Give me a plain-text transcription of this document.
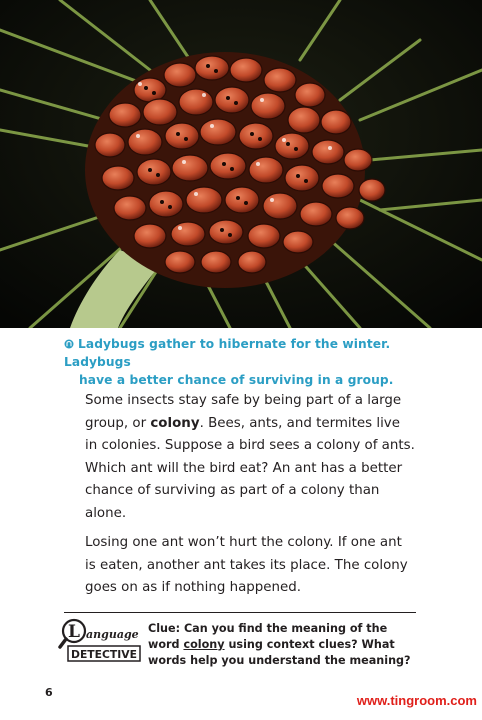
Ladybugs gather to hibernate for the winter. Ladybugs
have a better chance of surviving in a group.

Some insects stay safe by being part of a large group, or colony. Bees, ants, and termites live in colonies. Suppose a bird sees a colony of ants. Which ant will the bird eat? An ant has a better chance of surviving as part of a colony than alone.

Losing one ant won’t hurt the colony. If one ant is eaten, another ant takes its place. The colony goes on as if nothing happened.

L anguage
DETECTIVE
Clue: Can you find the meaning of the word colony using context clues? What words help you understand the meaning?
6
www.tingroom.com
